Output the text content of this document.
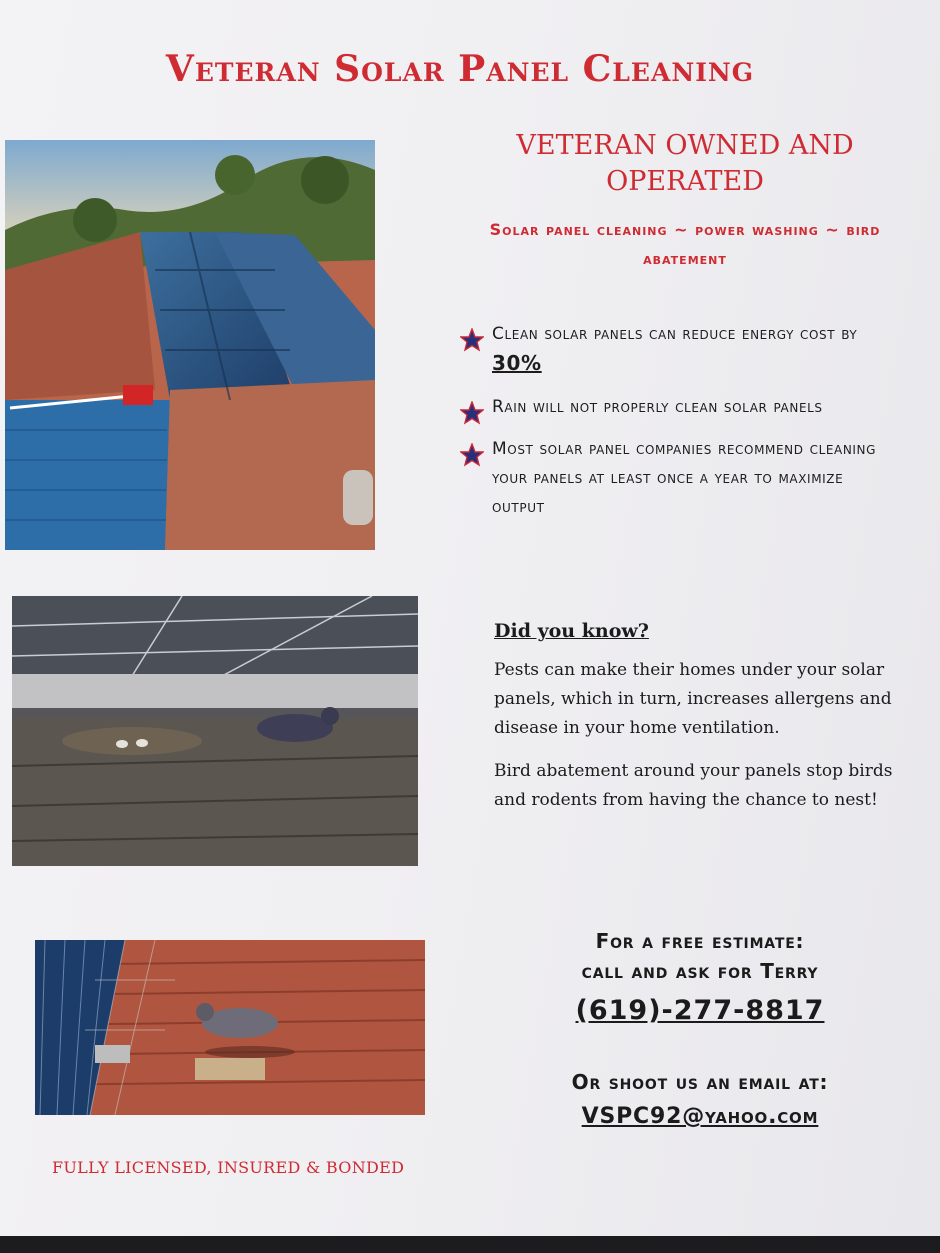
Veteran Solar Panel Cleaning
VETERAN OWNED AND OPERATED
Solar panel cleaning ~ power washing ~ bird abatement
Clean solar panels can reduce energy cost by 30%
Rain will not properly clean solar panels
Most solar panel companies recommend cleaning your panels at least once a year to maximize output
Did you know?

Pests can make their homes under your solar panels, which in turn, increases allergens and disease in your home ventilation.

Bird abatement around your panels stop birds and rodents from having the chance to nest!

For a free estimate:
call and ask for Terry
(619)-277-8817
Or shoot us an email at:
VSPC92@yahoo.com
FULLY LICENSED, INSURED & BONDED
